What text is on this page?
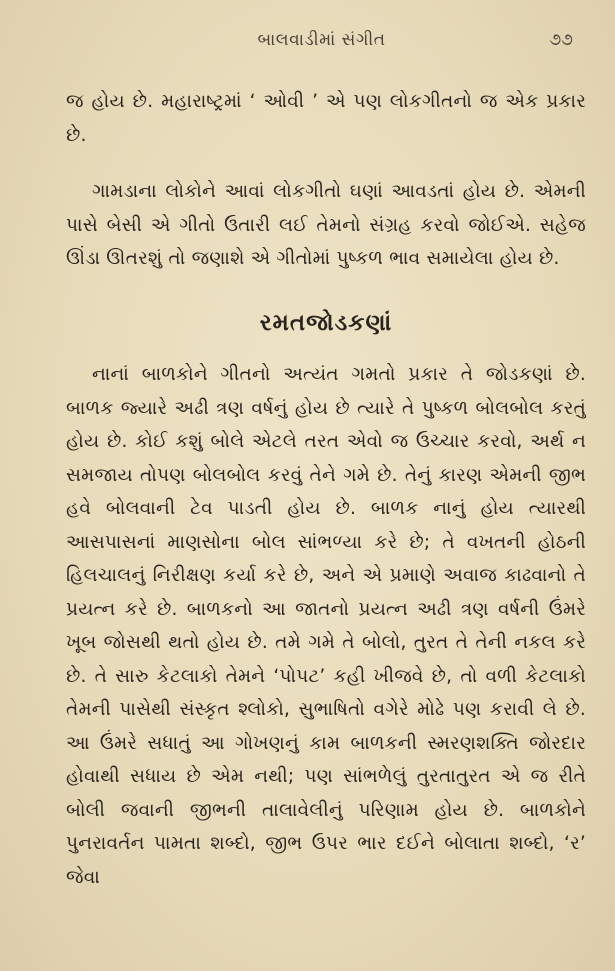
બાલવાડીમાં સંગીત	૭૭

જ હોય છે. મહારાષ્ટ્રમાં ‘ ઓવી ’ એ પણ લોકગીતનો જ એક પ્રકાર છે.

ગામડાના લોકોને આવાં લોકગીતો ઘણાં આવડતાં હોય છે. એમની પાસે બેસી એ ગીતો ઉતારી લઈ તેમનો સંગ્રહ કરવો જોઈએ. સહેજ ઊંડા ઊતરશું તો જણાશે એ ગીતોમાં પુષ્કળ ભાવ સમાયેલા હોય છે.

રમતજોડકણાં

નાનાં બાળકોને ગીતનો અત્યંત ગમતો પ્રકાર તે જોડકણાં છે. બાળક જ્યારે અઢી ત્રણ વર્ષનું હોય છે ત્યારે તે પુષ્કળ બોલબોલ કરતું હોય છે. કોઈ કશું બોલે એટલે તરત એવો જ ઉચ્ચાર કરવો, અર્થ ન સમજાય તોપણ બોલબોલ કરવું તેને ગમે છે. તેનું કારણ એમની જીભ હવે બોલવાની ટેવ પાડતી હોય છે. બાળક નાનું હોય ત્યારથી આસપાસનાં માણસોના બોલ સાંભળ્યા કરે છે; તે વખતની હોઠની હિલચાલનું નિરીક્ષણ કર્યા કરે છે, અને એ પ્રમાણે અવાજ કાઢવાનો તે પ્રયત્ન કરે છે. બાળકનો આ જાતનો પ્રયત્ન અઢી ત્રણ વર્ષની ઉંમરે ખૂબ જોસથી થતો હોય છે. તમે ગમે તે બોલો, તુરત તે તેની નકલ કરે છે. તે સારુ કેટલાકો તેમને ‘પોપટ’ કહી ખીજવે છે, તો વળી કેટલાકો તેમની પાસેથી સંસ્કૃત શ્લોકો, સુભાષિતો વગેરે મોઢે પણ કરાવી લે છે. આ ઉંમરે સધાતું આ ગોખણનું કામ બાળકની સ્મરણશક્તિ જોરદાર હોવાથી સધાય છે એમ નથી; પણ સાંભળેલું તુરતાતુરત એ જ રીતે બોલી જવાની જીભની તાલાવેલીનું પરિણામ હોય છે. બાળકોને પુનરાવર્તન પામતા શબ્દો, જીભ ઉપર ભાર દઈને બોલાતા શબ્દો, ‘ર’ જેવા
